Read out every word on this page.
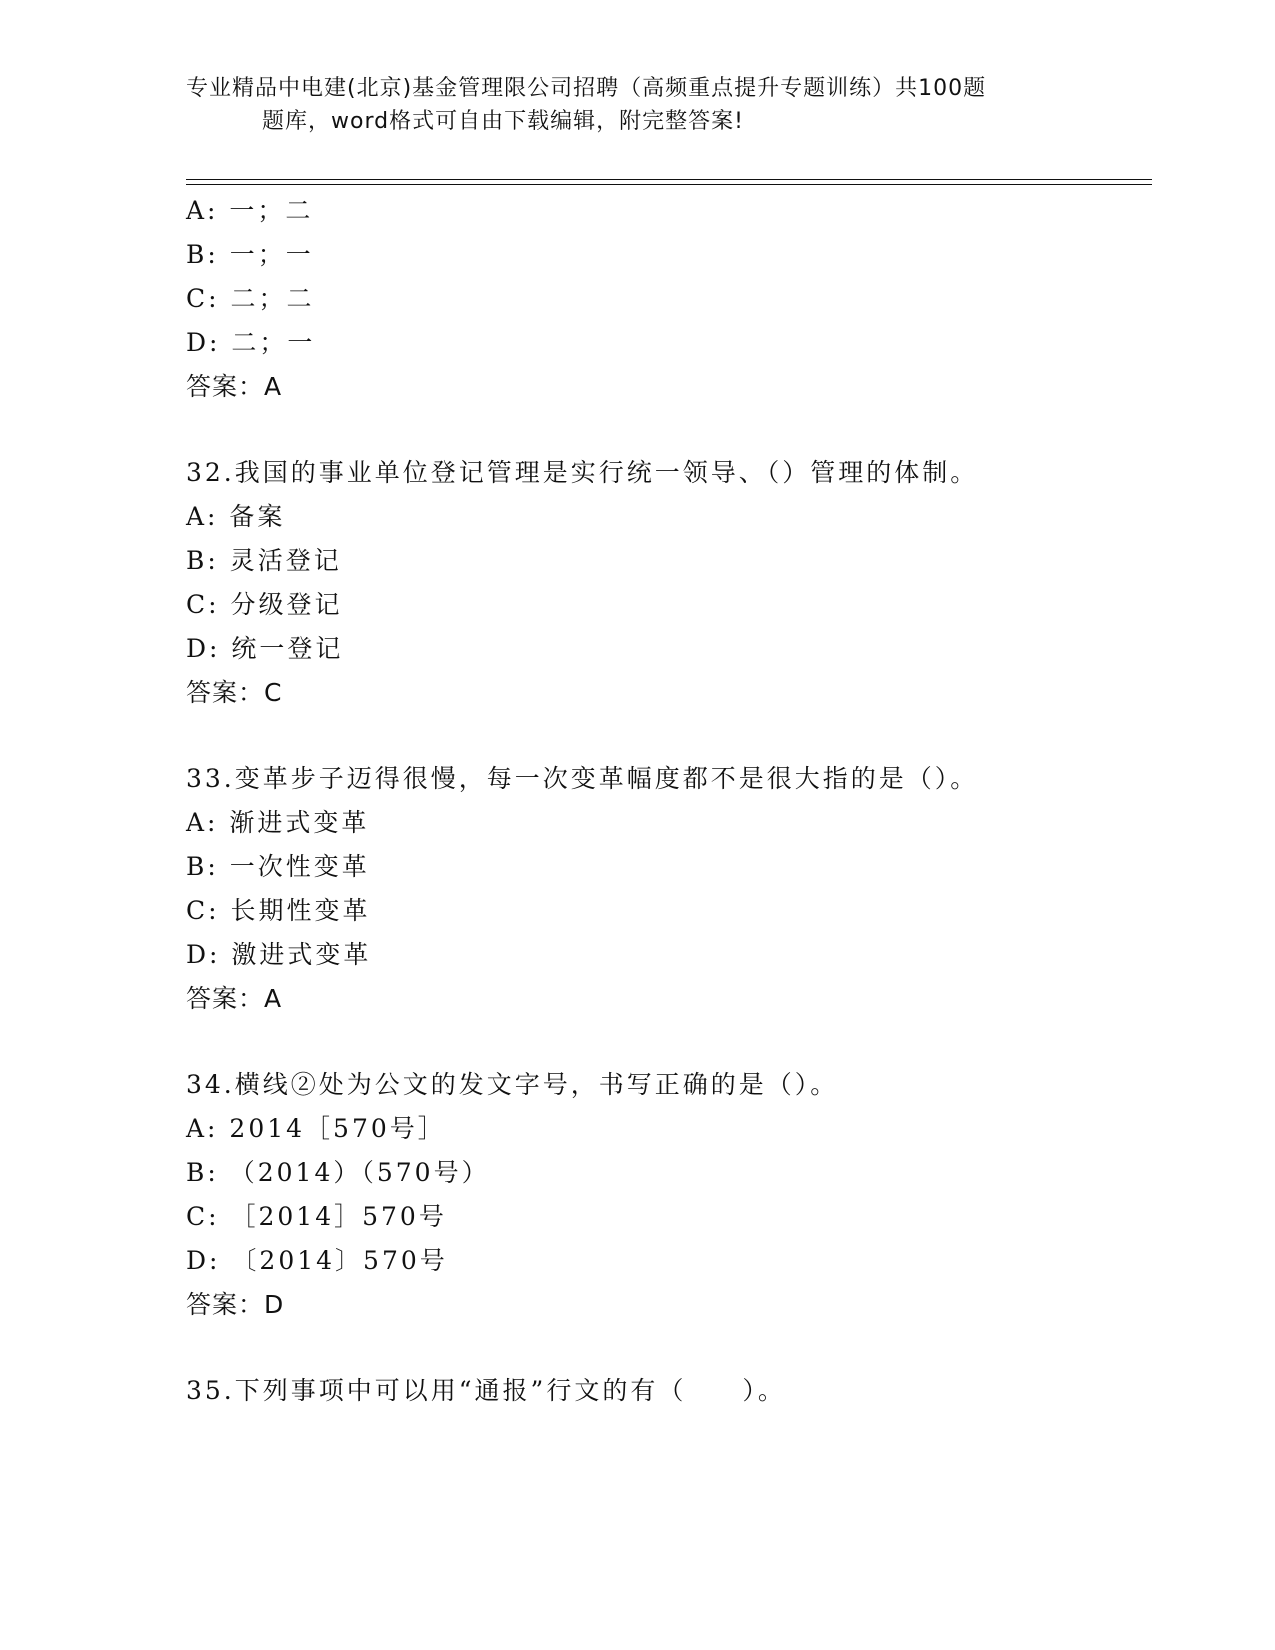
专业精品中电建(北京)基金管理限公司招聘（高频重点提升专题训练）共100题
题库，word格式可自由下载编辑，附完整答案!
A: 一；二
B: 一；一
C: 二；二
D: 二；一
答案：A
32.我国的事业单位登记管理是实行统一领导、（）管理的体制。
A: 备案
B: 灵活登记
C: 分级登记
D: 统一登记
答案：C
33.变革步子迈得很慢，每一次变革幅度都不是很大指的是（）。
A: 渐进式变革
B: 一次性变革
C: 长期性变革
D: 激进式变革
答案：A
34.横线②处为公文的发文字号，书写正确的是（）。
A: 2014［570号］
B: （2014）（570号）
C: ［2014］570号
D: 〔2014〕570号
答案：D
35.下列事项中可以用“通报”行文的有（　　）。
